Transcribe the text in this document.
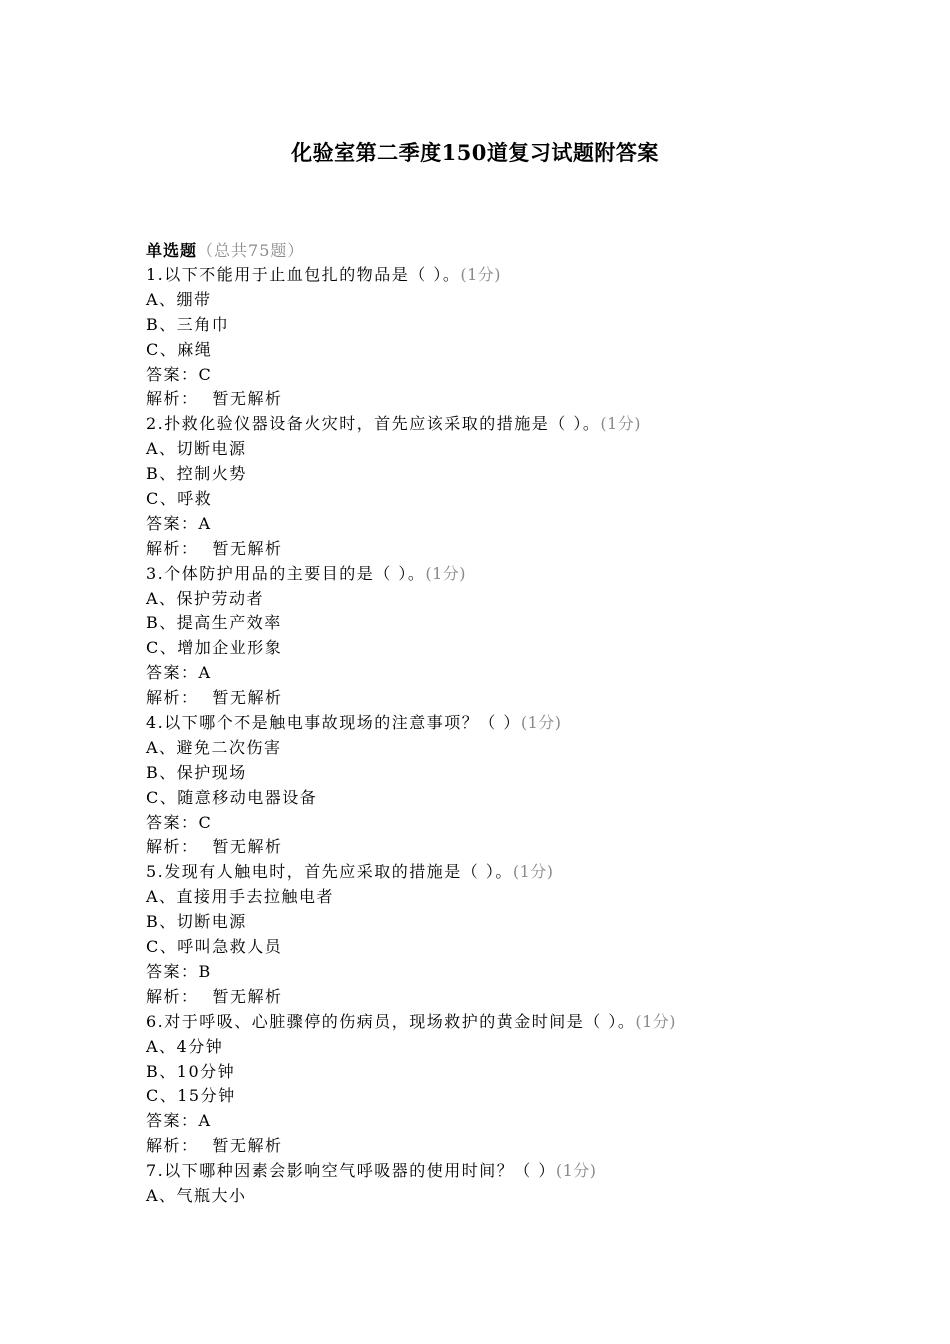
化验室第二季度150道复习试题附答案
单选题（总共75题）
1.以下不能用于止血包扎的物品是（ ）。(1分)
A、绷带
B、三角巾
C、麻绳
答案：C
解析： 暂无解析
2.扑救化验仪器设备火灾时，首先应该采取的措施是（ ）。(1分)
A、切断电源
B、控制火势
C、呼救
答案：A
解析： 暂无解析
3.个体防护用品的主要目的是（ ）。(1分)
A、保护劳动者
B、提高生产效率
C、增加企业形象
答案：A
解析： 暂无解析
4.以下哪个不是触电事故现场的注意事项？（ ）(1分)
A、避免二次伤害
B、保护现场
C、随意移动电器设备
答案：C
解析： 暂无解析
5.发现有人触电时，首先应采取的措施是（ ）。(1分)
A、直接用手去拉触电者
B、切断电源
C、呼叫急救人员
答案：B
解析： 暂无解析
6.对于呼吸、心脏骤停的伤病员，现场救护的黄金时间是（ ）。(1分)
A、4分钟
B、10分钟
C、15分钟
答案：A
解析： 暂无解析
7.以下哪种因素会影响空气呼吸器的使用时间？（ ）(1分)
A、气瓶大小
